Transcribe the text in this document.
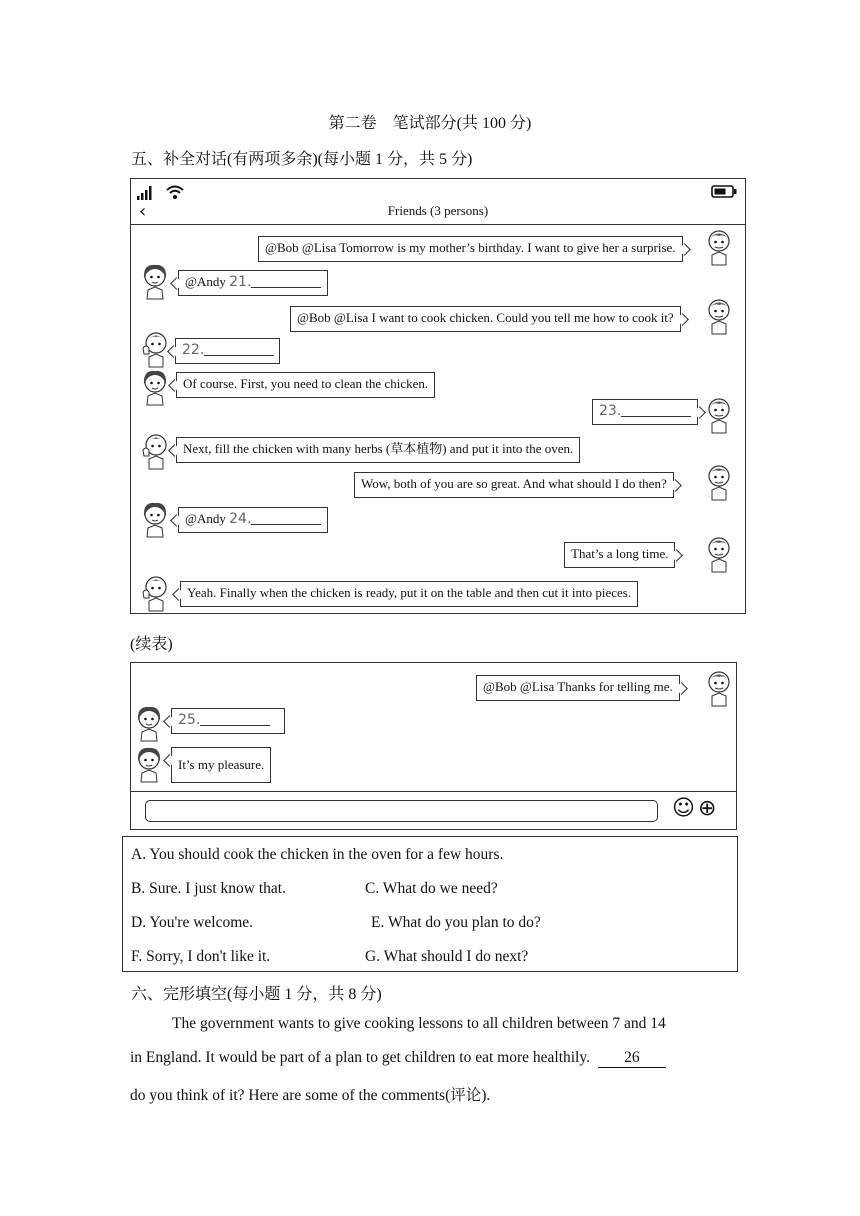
第二卷　笔试部分(共 100 分)
五、补全对话(有两项多余)(每小题 1 分，共 5 分)
‹	Friends (3 persons)
@Bob @Lisa Tomorrow is my mother’s birthday. I want to give her a surprise.
@Andy 21.
@Bob @Lisa I want to cook chicken. Could you tell me how to cook it?
22.
Of course. First, you need to clean the chicken.
23.
Next, fill the chicken with many herbs (草本植物) and put it into the oven.
Wow, both of you are so great. And what should I do then?
@Andy 24.
That’s a long time.
Yeah. Finally when the chicken is ready, put it on the table and then cut it into pieces.
(续表)
☺ ⊕
@Bob @Lisa Thanks for telling me.
25.
It’s my pleasure.
A. You should cook the chicken in the oven for a few hours.
B. Sure. I just know that.	C. What do we need?
D. You're welcome.	E. What do you plan to do?
F. Sorry, I don't like it.	G. What should I do next?
六、完形填空(每小题 1 分，共 8 分)
The government wants to give cooking lessons to all children between 7 and 14
in England. It would be part of a plan to get children to eat more healthily. 26
do you think of it? Here are some of the comments(评论).
